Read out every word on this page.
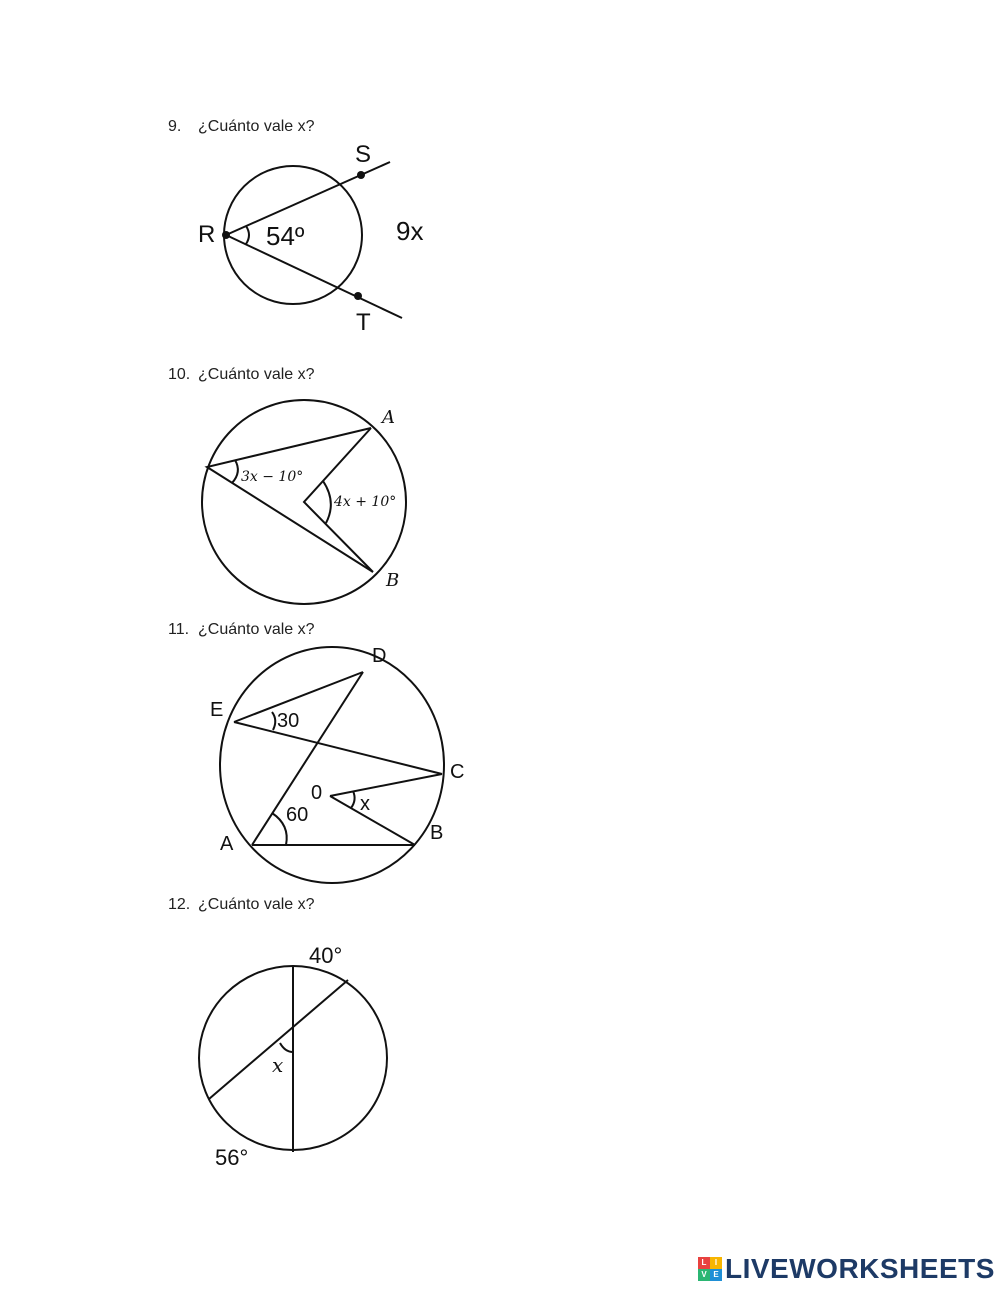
9. ¿Cuánto vale x?
S
R
T
54º	9x
10. ¿Cuánto vale x?
A
B
3x − 10°
4x + 10°
11. ¿Cuánto vale x?
D
E
C
0
B
A
30
60	x
12. ¿Cuánto vale x?
40°
56°
x
L	I
V E LIVEWORKSHEETS
